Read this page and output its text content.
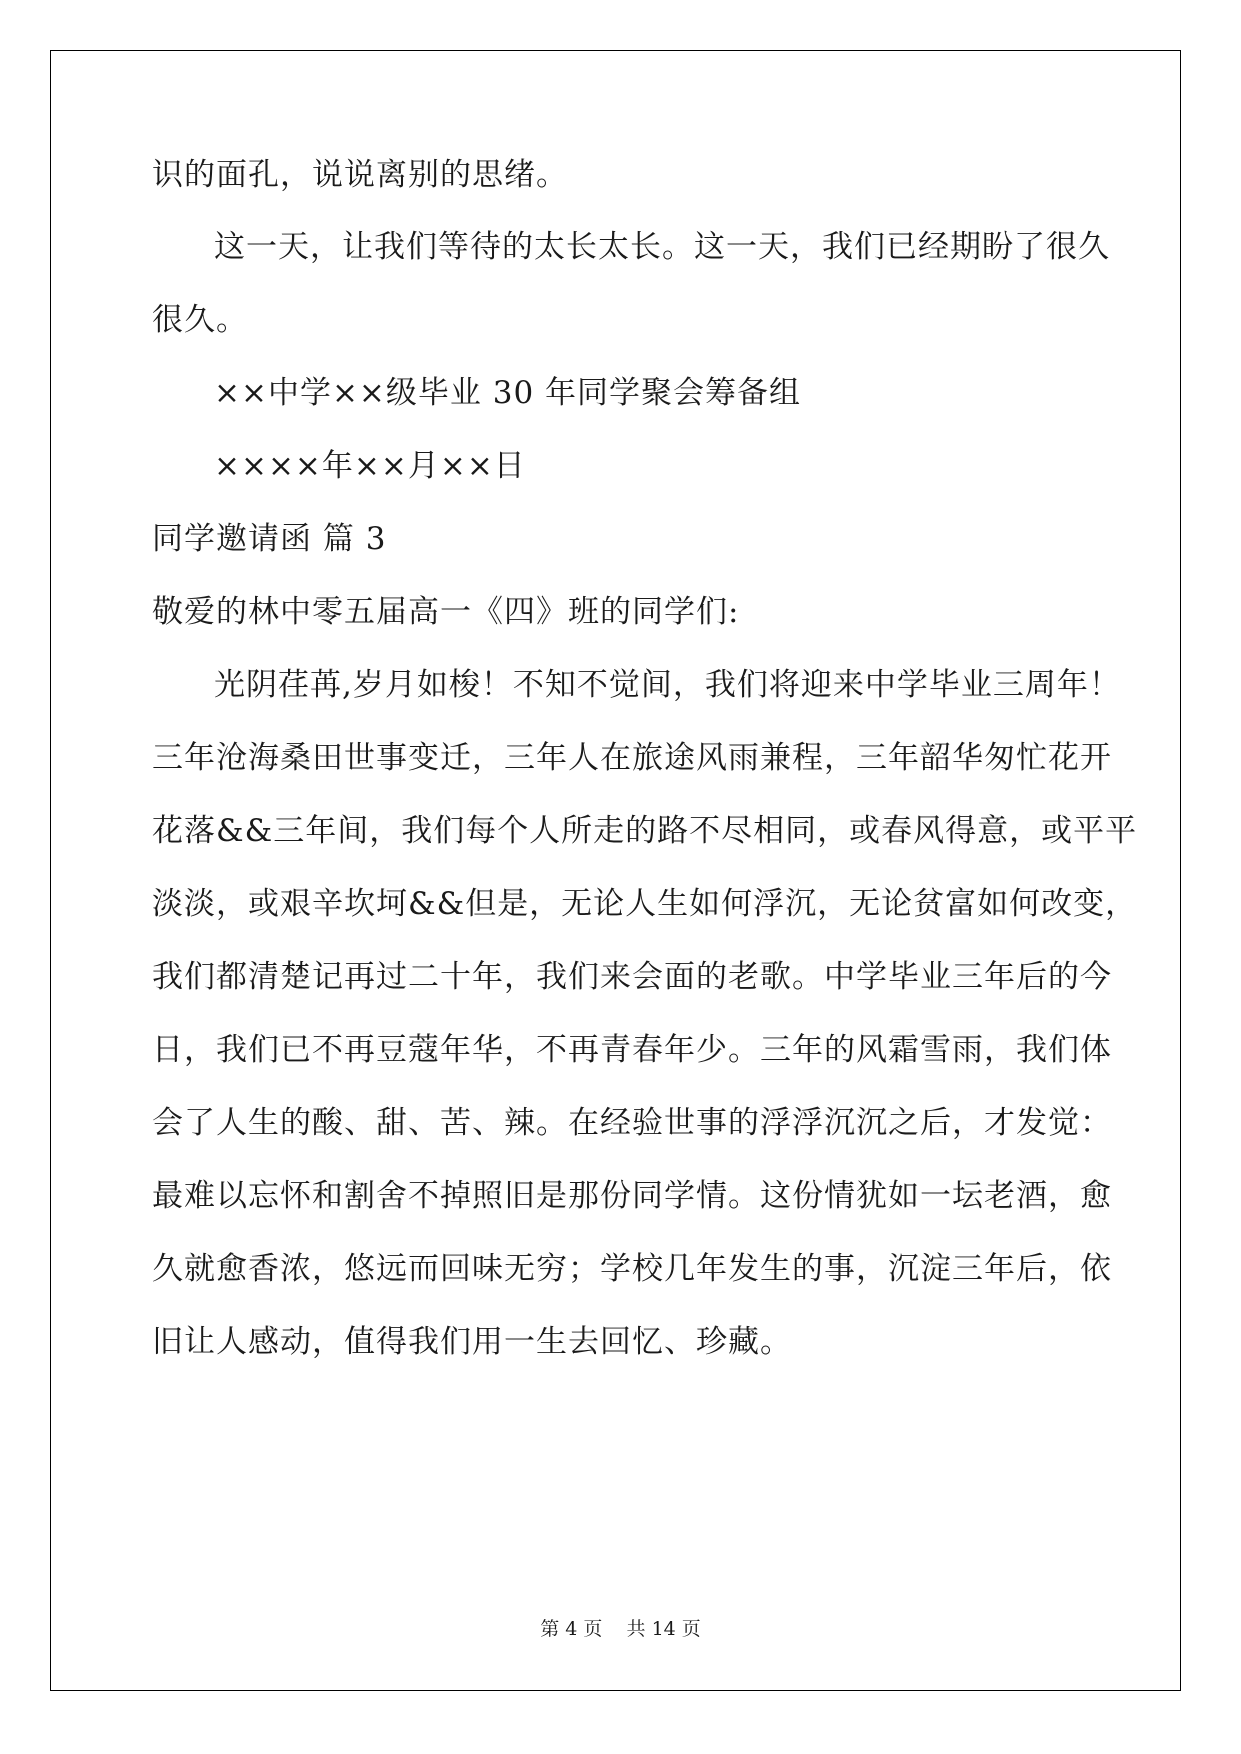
识的面孔，说说离别的思绪。
这一天，让我们等待的太长太长。这一天，我们已经期盼了很久
很久。
××中学××级毕业 30 年同学聚会筹备组
××××年××月××日
同学邀请函 篇 3
敬爱的林中零五届高一《四》班的同学们:
光阴荏苒,岁月如梭！不知不觉间，我们将迎来中学毕业三周年！
三年沧海桑田世事变迁，三年人在旅途风雨兼程，三年韶华匆忙花开
花落&&三年间，我们每个人所走的路不尽相同，或春风得意，或平平
淡淡，或艰辛坎坷&&但是，无论人生如何浮沉，无论贫富如何改变，
我们都清楚记再过二十年，我们来会面的老歌。中学毕业三年后的今
日，我们已不再豆蔻年华，不再青春年少。三年的风霜雪雨，我们体
会了人生的酸、甜、苦、辣。在经验世事的浮浮沉沉之后，才发觉：
最难以忘怀和割舍不掉照旧是那份同学情。这份情犹如一坛老酒，愈
久就愈香浓，悠远而回味无穷；学校几年发生的事，沉淀三年后，依
旧让人感动，值得我们用一生去回忆、珍藏。
第 4 页    共 14 页
